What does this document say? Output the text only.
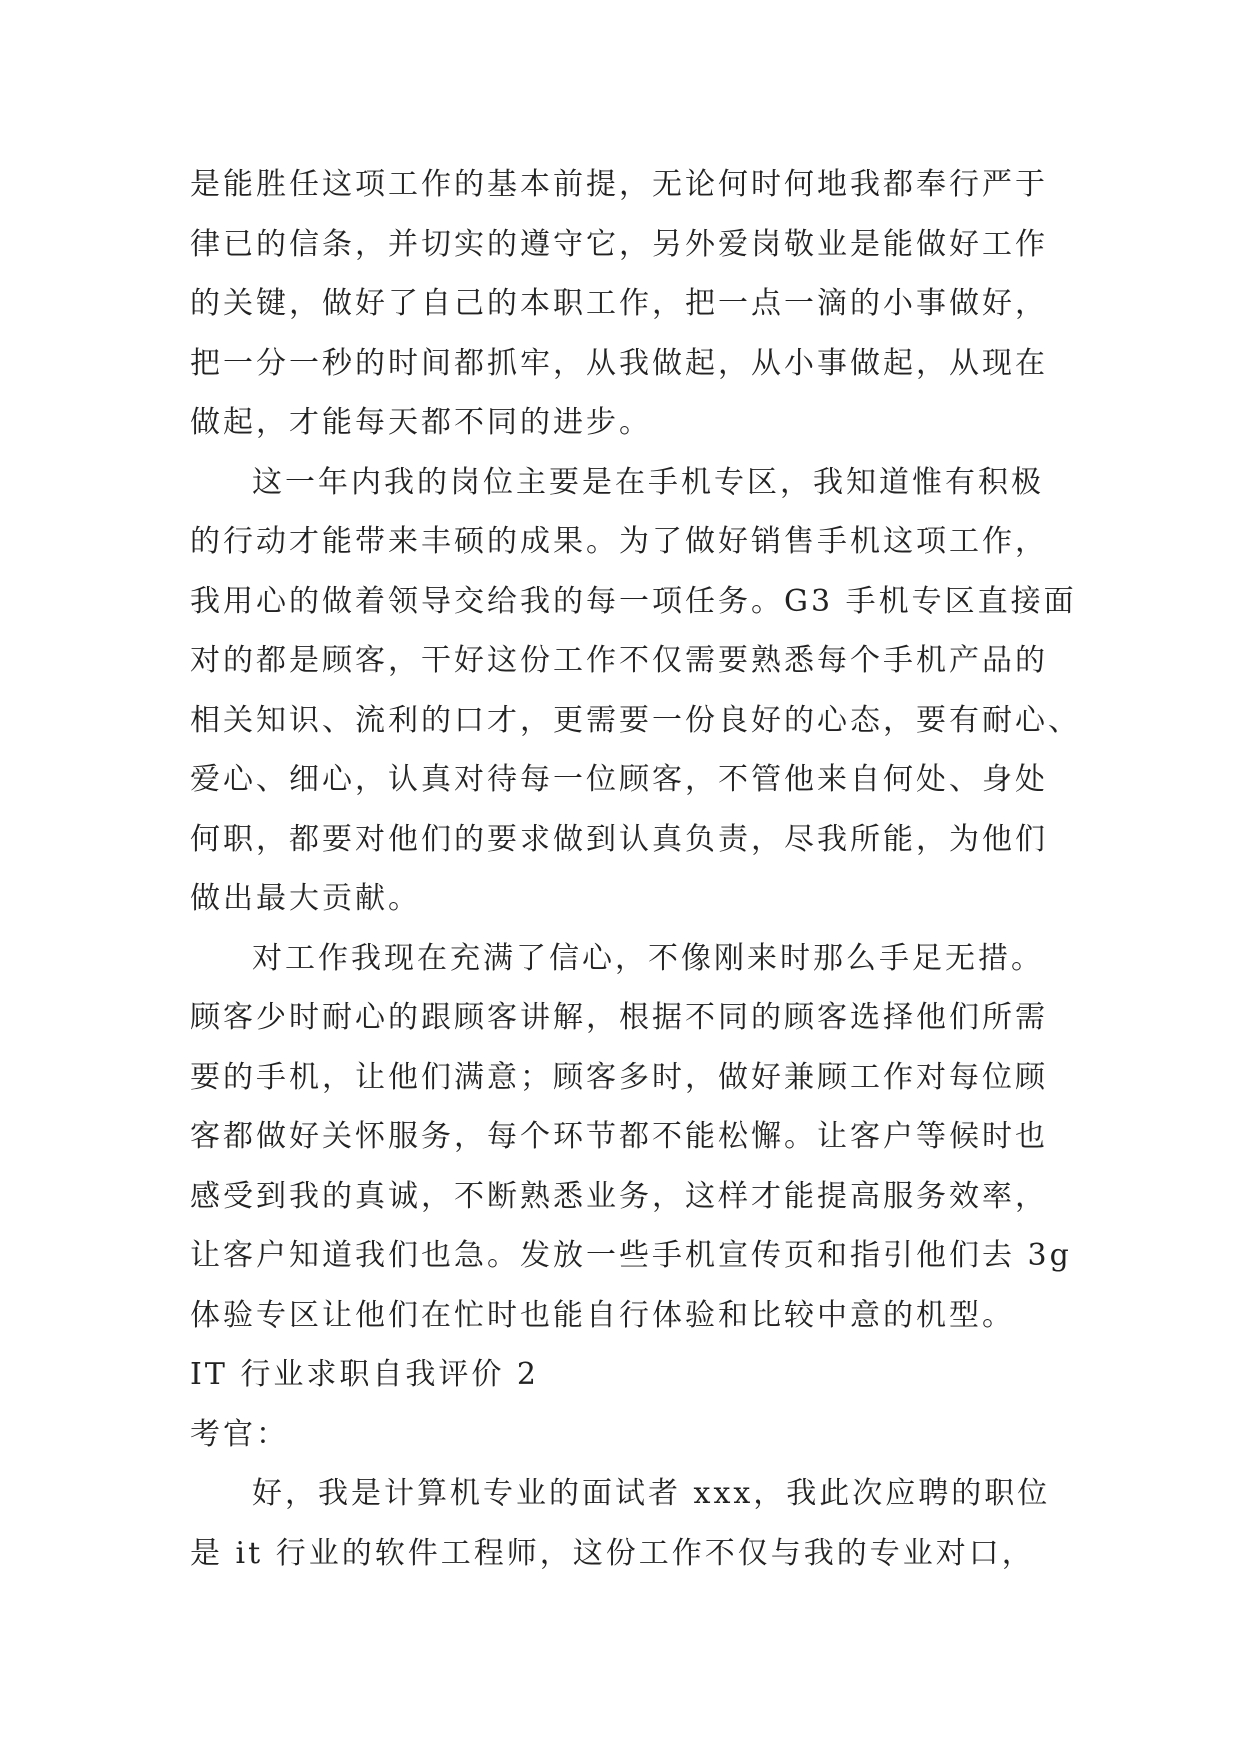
是能胜任这项工作的基本前提，无论何时何地我都奉行严于
律已的信条，并切实的遵守它，另外爱岗敬业是能做好工作
的关键，做好了自己的本职工作，把一点一滴的小事做好，
把一分一秒的时间都抓牢，从我做起，从小事做起，从现在
做起，才能每天都不同的进步。
这一年内我的岗位主要是在手机专区，我知道惟有积极
的行动才能带来丰硕的成果。为了做好销售手机这项工作，
我用心的做着领导交给我的每一项任务。G3 手机专区直接面
对的都是顾客，干好这份工作不仅需要熟悉每个手机产品的
相关知识、流利的口才，更需要一份良好的心态，要有耐心、
爱心、细心，认真对待每一位顾客，不管他来自何处、身处
何职，都要对他们的要求做到认真负责，尽我所能，为他们
做出最大贡献。
对工作我现在充满了信心，不像刚来时那么手足无措。
顾客少时耐心的跟顾客讲解，根据不同的顾客选择他们所需
要的手机，让他们满意；顾客多时，做好兼顾工作对每位顾
客都做好关怀服务，每个环节都不能松懈。让客户等候时也
感受到我的真诚，不断熟悉业务，这样才能提高服务效率，
让客户知道我们也急。发放一些手机宣传页和指引他们去 3g
体验专区让他们在忙时也能自行体验和比较中意的机型。
IT 行业求职自我评价 2
考官：
好，我是计算机专业的面试者 xxx，我此次应聘的职位
是 it 行业的软件工程师，这份工作不仅与我的专业对口，
